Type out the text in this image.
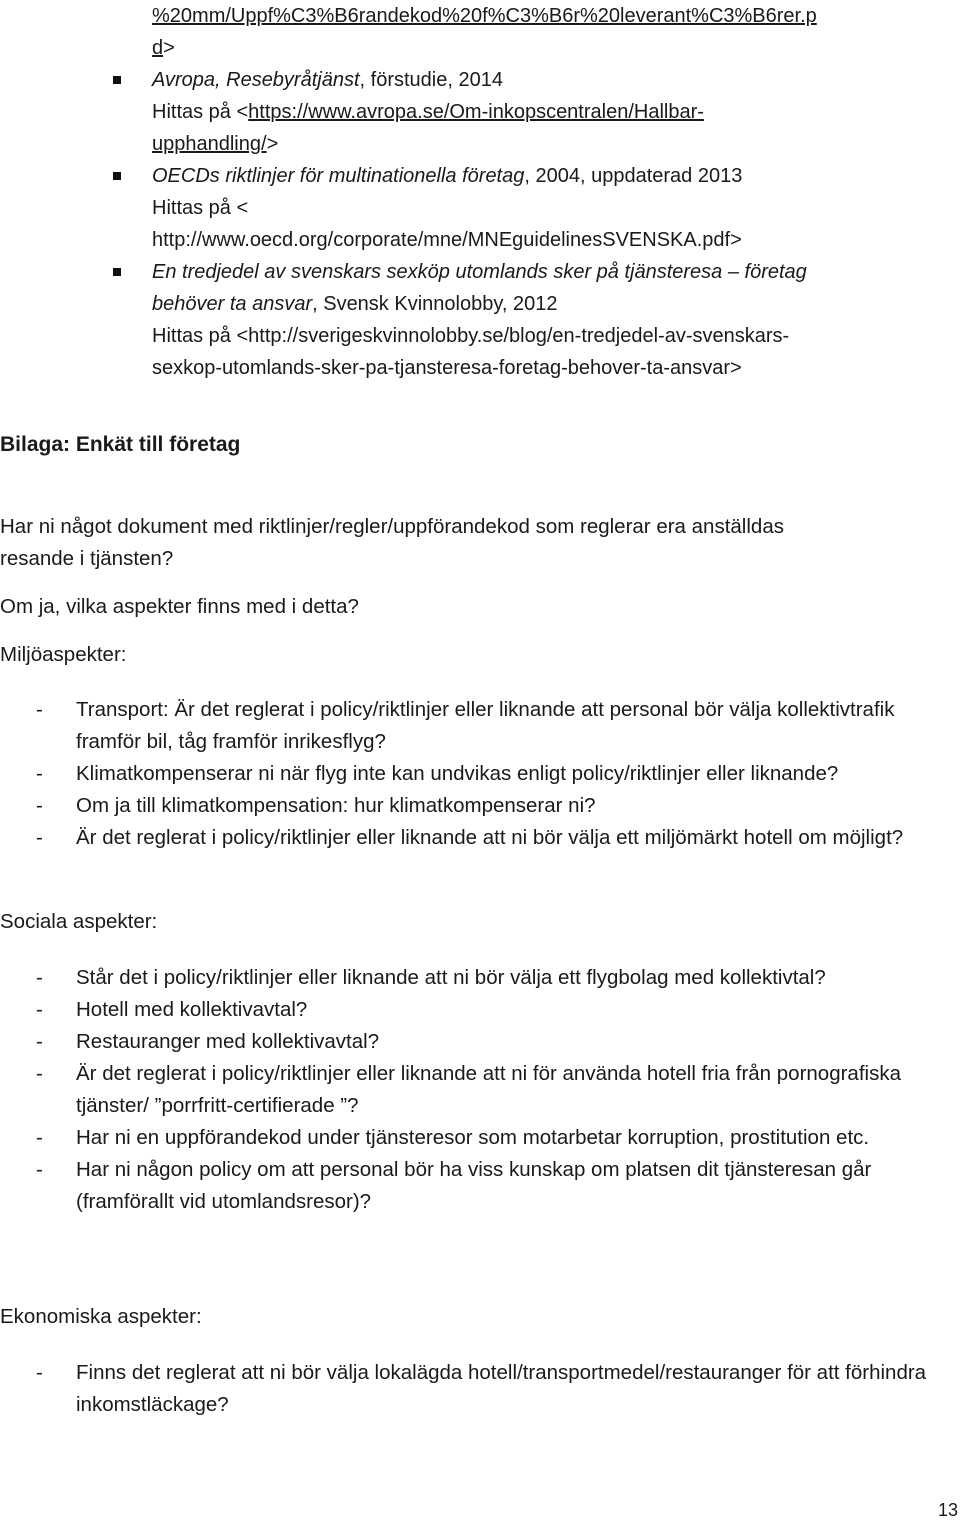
%20mm/Uppf%C3%B6randekod%20f%C3%B6r%20leverant%C3%B6rer.p
d>
Avropa, Resebyråtjänst, förstudie, 2014
Hittas på <https://www.avropa.se/Om-inkopscentralen/Hallbar-
upphandling/>
OECDs riktlinjer för multinationella företag, 2004, uppdaterad 2013
Hittas på <
http://www.oecd.org/corporate/mne/MNEguidelinesSVENSKA.pdf>
En tredjedel av svenskars sexköp utomlands sker på tjänsteresa – företag
behöver ta ansvar, Svensk Kvinnolobby, 2012
Hittas på <http://sverigeskvinnolobby.se/blog/en-tredjedel-av-svenskars-
sexkop-utomlands-sker-pa-tjansteresa-foretag-behover-ta-ansvar>
Bilaga: Enkät till företag
Har ni något dokument med riktlinjer/regler/uppförandekod som reglerar era anställdas
resande i tjänsten?
Om ja, vilka aspekter finns med i detta?
Miljöaspekter:
- Transport: Är det reglerat i policy/riktlinjer eller liknande att personal bör välja kollektivtrafik framför bil, tåg framför inrikesflyg?
- Klimatkompenserar ni när flyg inte kan undvikas enligt policy/riktlinjer eller liknande?
- Om ja till klimatkompensation: hur klimatkompenserar ni?
- Är det reglerat i policy/riktlinjer eller liknande att ni bör välja ett miljömärkt hotell om möjligt?
Sociala aspekter:
- Står det i policy/riktlinjer eller liknande att ni bör välja ett flygbolag med kollektivtal?
- Hotell med kollektivavtal?
- Restauranger med kollektivavtal?
- Är det reglerat i policy/riktlinjer eller liknande att ni för använda hotell fria från pornografiska tjänster/ ”porrfritt-certifierade ”?
- Har ni en uppförandekod under tjänsteresor som motarbetar korruption, prostitution etc.
- Har ni någon policy om att personal bör ha viss kunskap om platsen dit tjänsteresan går (framförallt vid utomlandsresor)?
Ekonomiska aspekter:
- Finns det reglerat att ni bör välja lokalägda hotell/transportmedel/restauranger för att förhindra inkomstläckage?
13
